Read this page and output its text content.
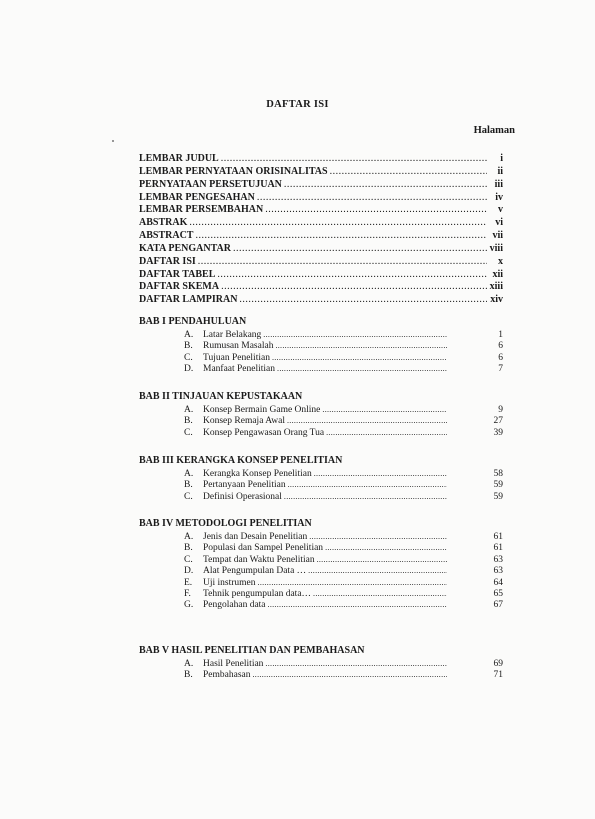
DAFTAR ISI
Halaman
LEMBAR JUDUL .....	i
LEMBAR PERNYATAAN ORISINALITAS .....	ii
PERNYATAAN PERSETUJUAN .....	iii
LEMBAR PENGESAHAN .....	iv
LEMBAR PERSEMBAHAN .....	v
ABSTRAK .....	vi
ABSTRACT .....	vii
KATA PENGANTAR .....	viii
DAFTAR ISI .....	x
DAFTAR TABEL .....	xii
DAFTAR SKEMA .....	xiii
DAFTAR LAMPIRAN .....	xiv
BAB I PENDAHULUAN
A.	Latar Belakang .....	1
B.	Rumusan Masalah .....	6
C.	Tujuan Penelitian .....	6
D.	Manfaat Penelitian .....	7
BAB II TINJAUAN KEPUSTAKAAN
A.	Konsep Bermain Game Online .....	9
B.	Konsep Remaja Awal .....	27
C.	Konsep Pengawasan Orang Tua .....	39
BAB III KERANGKA KONSEP PENELITIAN
A.	Kerangka Konsep Penelitian .....	58
B.	Pertanyaan Penelitian .....	59
C.	Definisi Operasional .....	59
BAB IV METODOLOGI PENELITIAN
A.	Jenis dan Desain Penelitian .....	61
B.	Populasi dan Sampel Penelitian .....	61
C.	Tempat dan Waktu Penelitian .....	63
D.	Alat Pengumpulan Data … .....	63
E.	Uji instrumen .....	64
F.	Tehnik pengumpulan data… .....	65
G.	Pengolahan data .....	67
BAB V HASIL PENELITIAN DAN PEMBAHASAN
A.	Hasil Penelitian .....	69
B.	Pembahasan .....	71
